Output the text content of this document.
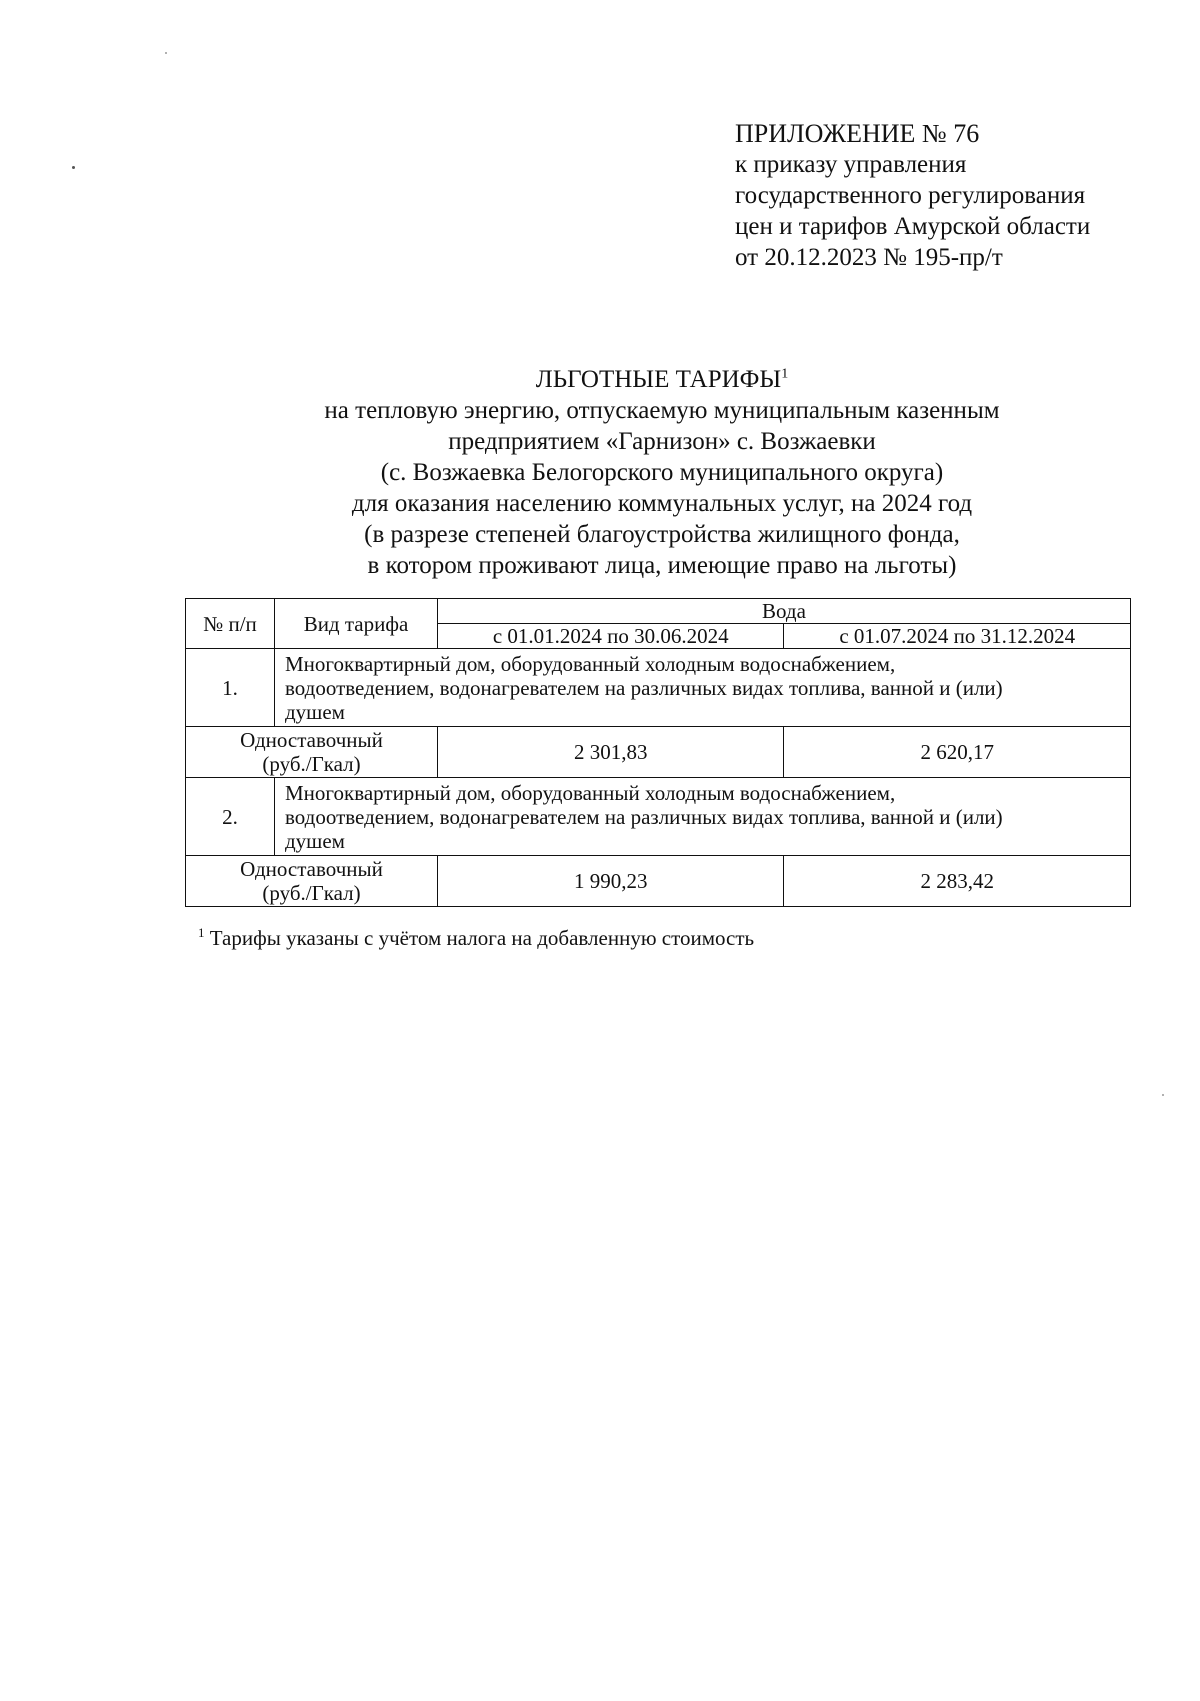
ПРИЛОЖЕНИЕ № 76
к приказу управления
государственного регулирования
цен и тарифов Амурской области
от 20.12.2023 № 195-пр/т
ЛЬГОТНЫЕ ТАРИФЫ$^1$
на тепловую энергию, отпускаемую муниципальным казенным
предприятием «Гарнизон» с. Возжаевки
(с. Возжаевка Белогорского муниципального округа)
для оказания населению коммунальных услуг, на 2024 год
(в разрезе степеней благоустройства жилищного фонда,
в котором проживают лица, имеющие право на льготы)
№ п/п	Вид тарифа	Вода	
		с 01.01.2024 по 30.06.2024	с 01.07.2024 по 31.12.2024
1.	Многоквартирный дом, оборудованный холодным водоснабжением,
водоотведением, водонагревателем на различных видах топлива, ванной и (или)
душем		

Одноставочный
(руб./Гкал)		2 301,83	2 620,17
2.	Многоквартирный дом, оборудованный холодным водоснабжением,
водоотведением, водонагревателем на различных видах топлива, ванной и (или)
душем		

Одноставочный
(руб./Гкал)		1 990,23	2 283,42
$^1$ Тарифы указаны с учётом налога на добавленную стоимость
